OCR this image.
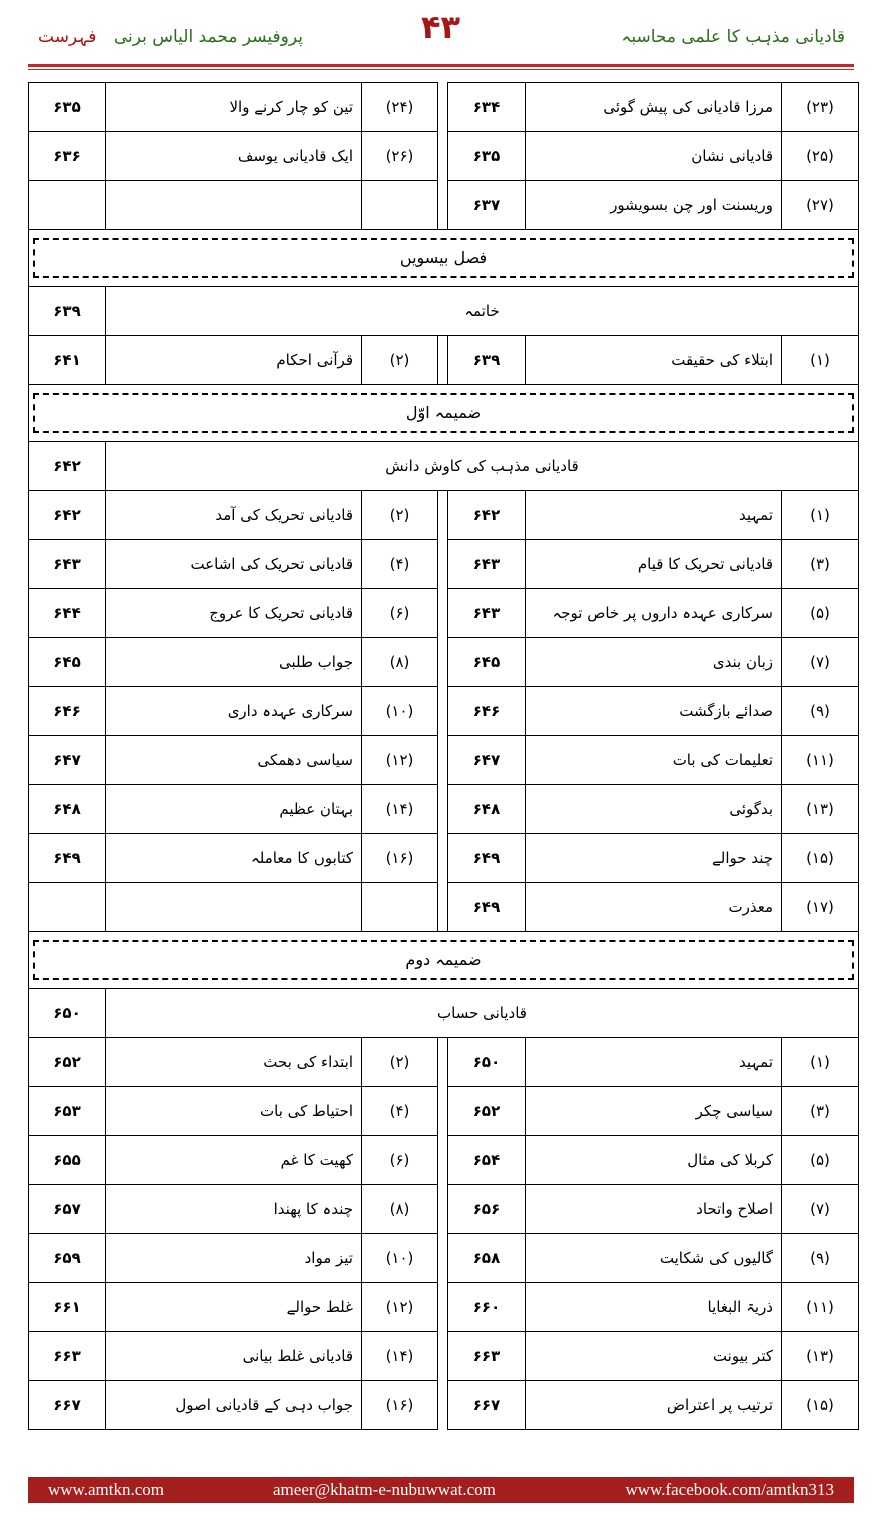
پروفیسر محمد الیاس برنی فہرست	۴۳	قادیانی مذہب کا علمی محاسبہ
۶۳۵	تین کو چار کرنے والا	(۲۴)		۶۳۴	مرزا قادیانی کی پیش گوئی	(۲۳)
۶۳۶	ایک قادیانی یوسف	(۲۶)		۶۳۵	قادیانی نشان	(۲۵)
				۶۳۷	وریسنت اور چن بسویشور	(۲۷)

فصل بیسویں						

۶۳۹	خاتمہ					
۶۴۱	قرآنی احکام	(۲)		۶۳۹	ابتلاء کی حقیقت	(۱)

ضمیمہ اوّل						

۶۴۲	قادیانی مذہب کی کاوش دانش					
۶۴۲	قادیانی تحریک کی آمد	(۲)		۶۴۲	تمہید	(۱)
۶۴۳	قادیانی تحریک کی اشاعت	(۴)		۶۴۳	قادیانی تحریک کا قیام	(۳)
۶۴۴	قادیانی تحریک کا عروج	(۶)		۶۴۳	سرکاری عہدہ داروں پر خاص توجہ	(۵)
۶۴۵	جواب طلبی	(۸)		۶۴۵	زبان بندی	(۷)
۶۴۶	سرکاری عہدہ داری	(۱۰)		۶۴۶	صدائے بازگشت	(۹)
۶۴۷	سیاسی دھمکی	(۱۲)		۶۴۷	تعلیمات کی بات	(۱۱)
۶۴۸	بہتان عظیم	(۱۴)		۶۴۸	بدگوئی	(۱۳)
۶۴۹	کتابوں کا معاملہ	(۱۶)		۶۴۹	چند حوالے	(۱۵)
				۶۴۹	معذرت	(۱۷)

ضمیمہ دوم						

۶۵۰	قادیانی حساب					
۶۵۲	ابتداء کی بحث	(۲)		۶۵۰	تمہید	(۱)
۶۵۳	احتیاط کی بات	(۴)		۶۵۲	سیاسی چکر	(۳)
۶۵۵	کھیت کا غم	(۶)		۶۵۴	کربلا کی مثال	(۵)
۶۵۷	چندہ کا پھندا	(۸)		۶۵۶	اصلاح واتحاد	(۷)
۶۵۹	تیز مواد	(۱۰)		۶۵۸	گالیوں کی شکایت	(۹)
۶۶۱	غلط حوالے	(۱۲)		۶۶۰	ذریۃ البغایا	(۱۱)
۶۶۳	قادیانی غلط بیانی	(۱۴)		۶۶۳	کتر بیونت	(۱۳)
۶۶۷	جواب دہی کے قادیانی اصول	(۱۶)		۶۶۷	ترتیب پر اعتراض	(۱۵)
www.amtkn.com	ameer@khatm-e-nubuwwat.com	www.facebook.com/amtkn313
